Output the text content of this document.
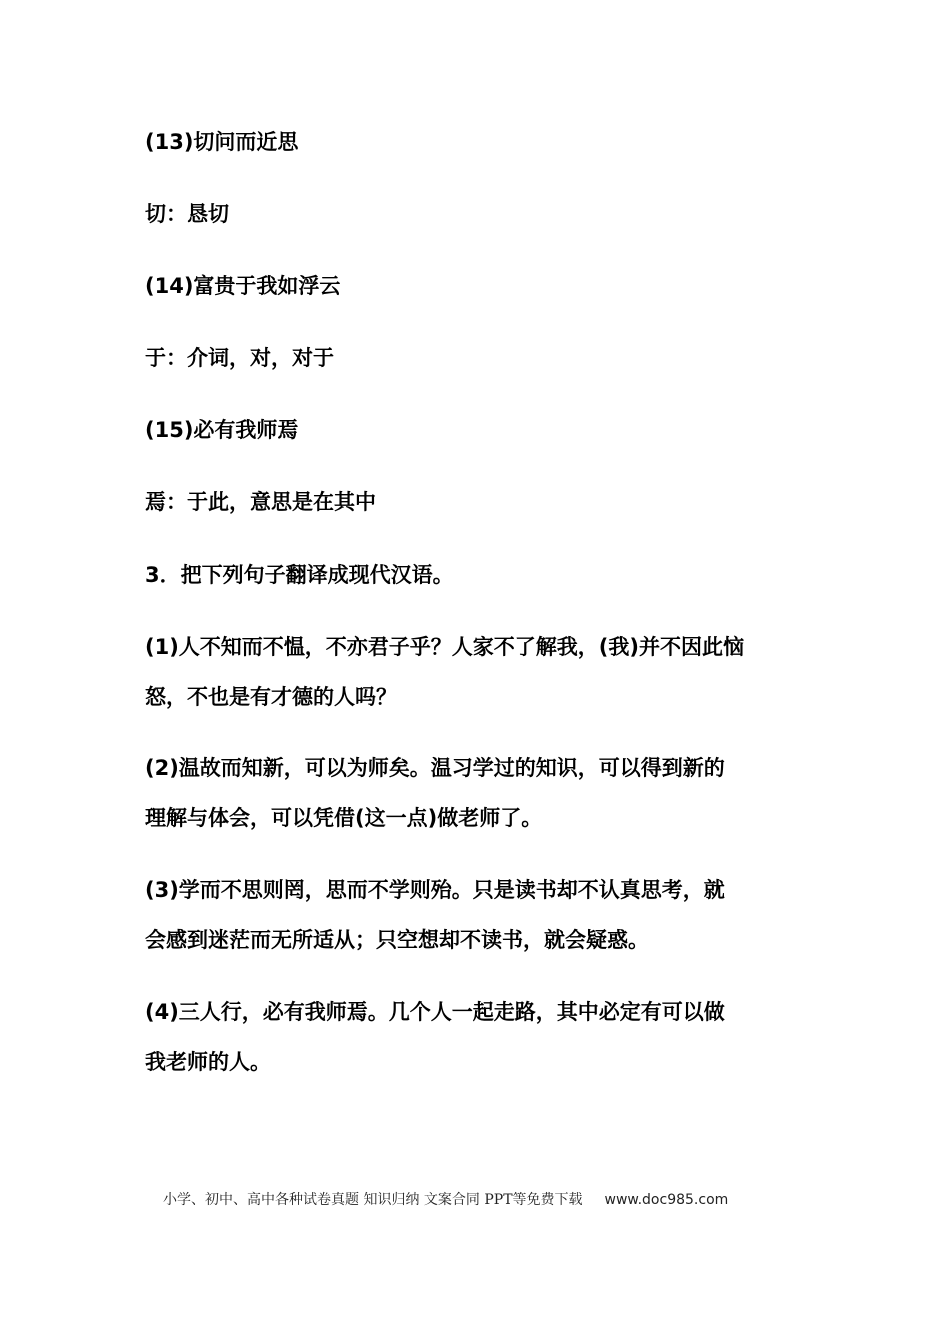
(13)切问而近思
切：恳切
(14)富贵于我如浮云
于：介词，对，对于
(15)必有我师焉
焉：于此，意思是在其中
3．把下列句子翻译成现代汉语。
(1)人不知而不愠，不亦君子乎？人家不了解我，(我)并不因此恼
怒，不也是有才德的人吗？
(2)温故而知新，可以为师矣。温习学过的知识，可以得到新的
理解与体会，可以凭借(这一点)做老师了。
(3)学而不思则罔，思而不学则殆。只是读书却不认真思考，就
会感到迷茫而无所适从；只空想却不读书，就会疑惑。
(4)三人行，必有我师焉。几个人一起走路，其中必定有可以做
我老师的人。
小学、初中、高中各种试卷真题 知识归纳 文案合同 PPT等免费下载 www.doc985.com
